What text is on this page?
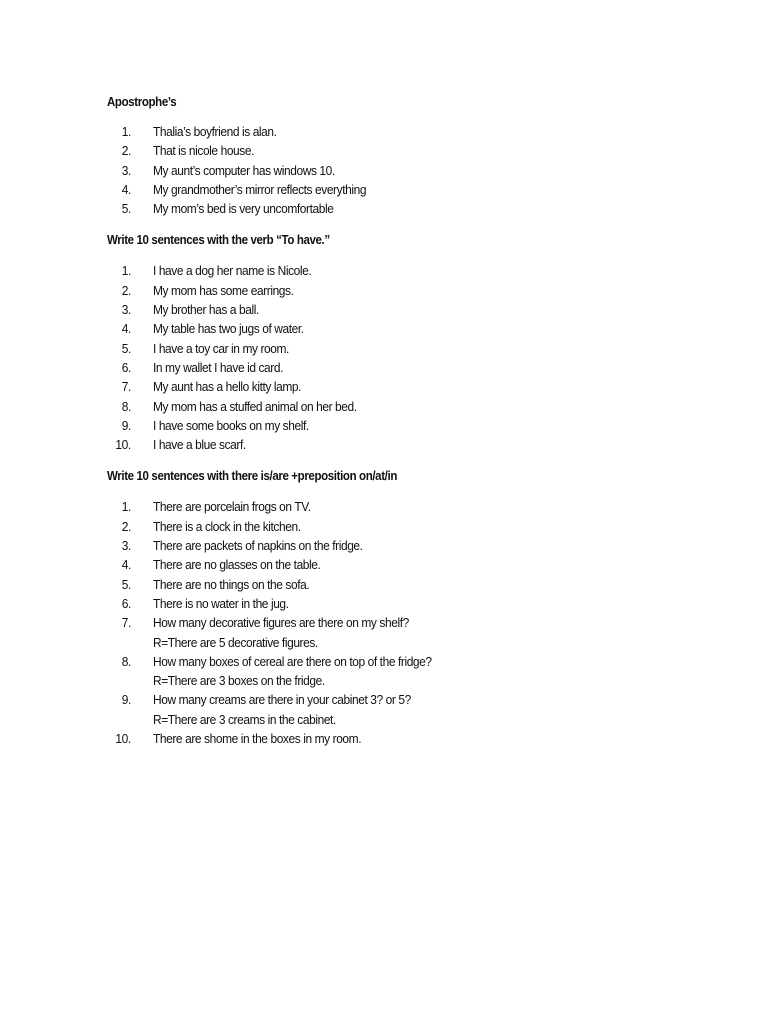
Apostrophe’s

1. Thalia’s boyfriend is alan.
2. That is nicole house.
3. My aunt’s computer has windows 10.
4. My grandmother’s mirror reflects everything
5. My mom’s bed is very uncomfortable

Write 10 sentences with the verb “To have.”

1. I have a dog her name is Nicole.
2. My mom has some earrings.
3. My brother has a ball.
4. My table has two jugs of water.
5. I have a toy car in my room.
6. In my wallet I have id card.
7. My aunt has a hello kitty lamp.
8. My mom has a stuffed animal on her bed.
9. I have some books on my shelf.
10. I have a blue scarf.

Write 10 sentences with there is/are +preposition on/at/in

1. There are porcelain frogs on TV.
2. There is a clock in the kitchen.
3. There are packets of napkins on the fridge.
4. There are no glasses on the table.
5. There are no things on the sofa.
6. There is no water in the jug.
7. How many decorative figures are there on my shelf?
R=There are 5 decorative figures.
8. How many boxes of cereal are there on top of the fridge?
R=There are 3 boxes on the fridge.
9. How many creams are there in your cabinet 3? or 5?
R=There are 3 creams in the cabinet.
10. There are shome in the boxes in my room.
